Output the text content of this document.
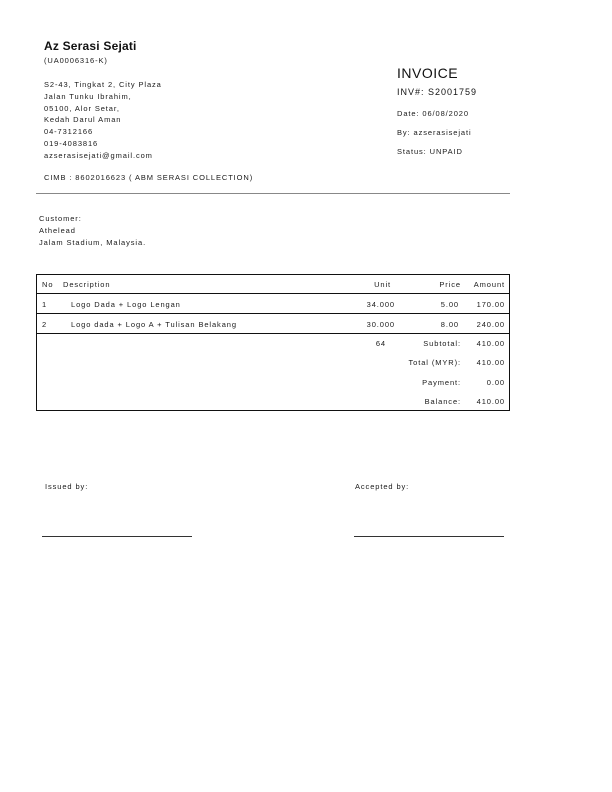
Az Serasi Sejati
(UA0006316-K)
S2-43, Tingkat 2, City Plaza
Jalan Tunku Ibrahim,
05100, Alor Setar,
Kedah Darul Aman
04-7312166
019-4083816
azserasisejati@gmail.com
CIMB : 8602016623 ( ABM SERASI COLLECTION)
INVOICE
INV#: S2001759
Date: 06/08/2020
By: azserasisejati
Status: UNPAID
Customer:
Athelead
Jalam Stadium, Malaysia.
No Description	Unit	Price Amount
1	Logo Dada + Logo Lengan	34.000	5.00 170.00
2	Logo dada + Logo A + Tulisan Belakang	30.000	8.00 240.00
64	Subtotal: 410.00
Total (MYR): 410.00
Payment:	0.00
Balance: 410.00
Issued by:	Accepted by:
